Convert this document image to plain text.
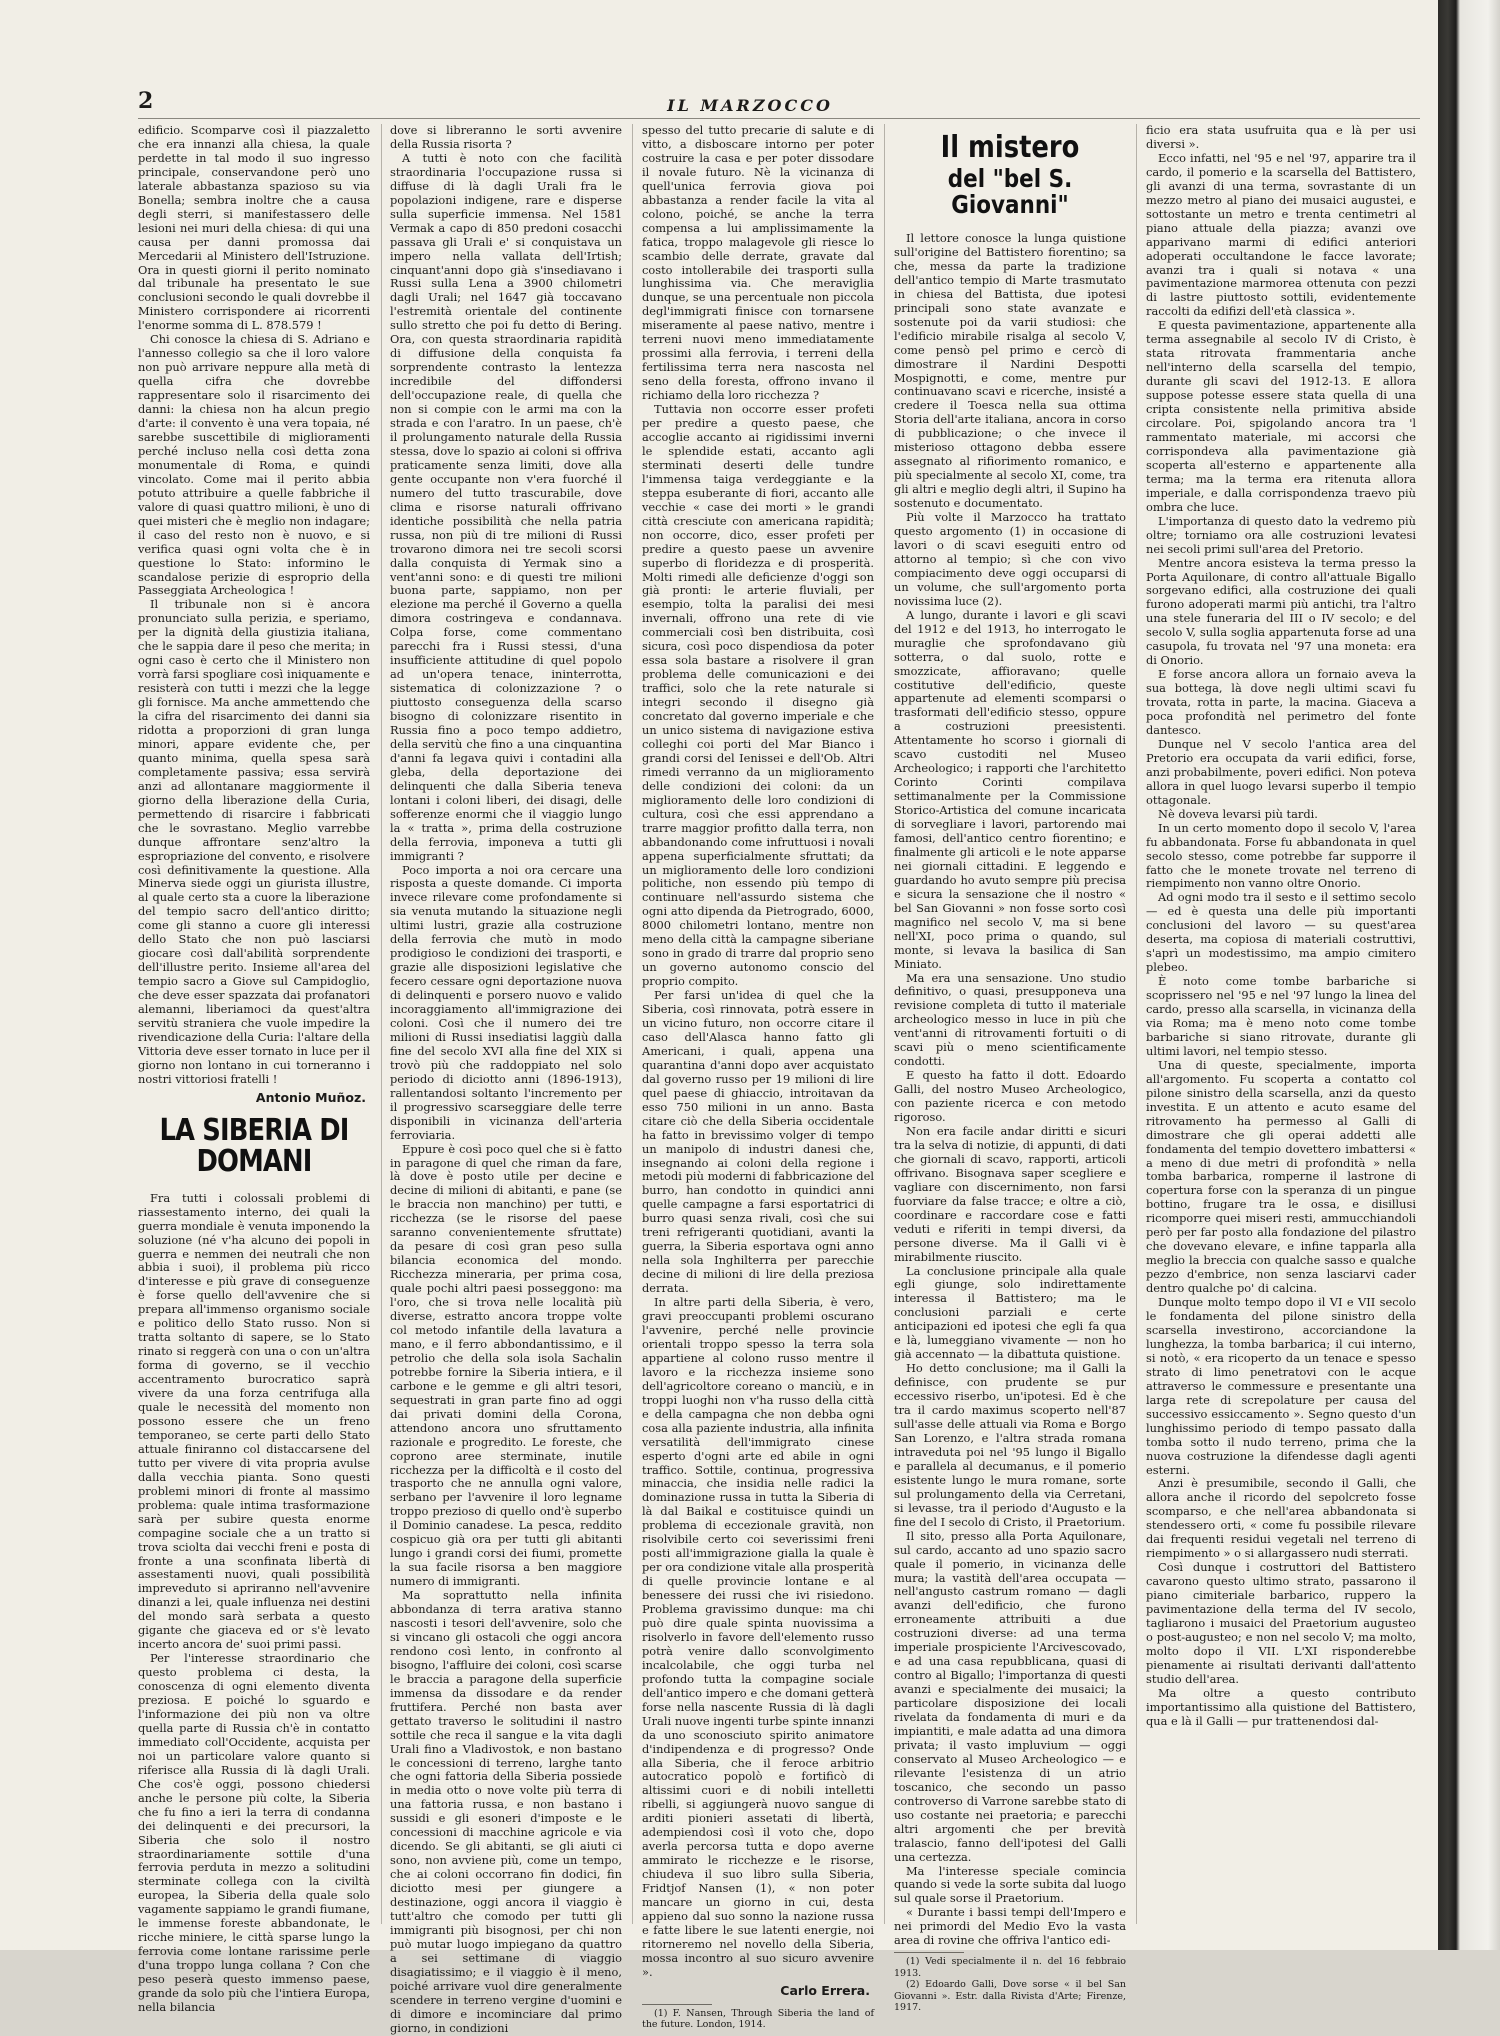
2	IL MARZOCCO

edificio. Scomparve così il piazzaletto che era innanzi alla chiesa, la quale perdette in tal modo il suo ingresso principale, conservandone però uno laterale abbastanza spazioso su via Bonella; sembra inoltre che a causa degli sterri, si manifestassero delle lesioni nei muri della chiesa: di qui una causa per danni promossa dai Mercedarii al Ministero dell'Istruzione. Ora in questi giorni il perito nominato dal tribunale ha presentato le sue conclusioni secondo le quali dovrebbe il Ministero corrispondere ai ricorrenti l'enorme somma di L. 878.579 !

Chi conosce la chiesa di S. Adriano e l'annesso collegio sa che il loro valore non può arrivare neppure alla metà di quella cifra che dovrebbe rappresentare solo il risarcimento dei danni: la chiesa non ha alcun pregio d'arte: il convento è una vera topaia, né sarebbe suscettibile di miglioramenti perché incluso nella così detta zona monumentale di Roma, e quindi vincolato. Come mai il perito abbia potuto attribuire a quelle fabbriche il valore di quasi quattro milioni, è uno di quei misteri che è meglio non indagare; il caso del resto non è nuovo, e si verifica quasi ogni volta che è in questione lo Stato: informino le scandalose perizie di esproprio della Passeggiata Archeologica !

Il tribunale non si è ancora pronunciato sulla perizia, e speriamo, per la dignità della giustizia italiana, che le sappia dare il peso che merita; in ogni caso è certo che il Ministero non vorrà farsi spogliare così iniquamente e resisterà con tutti i mezzi che la legge gli fornisce. Ma anche ammettendo che la cifra del risarcimento dei danni sia ridotta a proporzioni di gran lunga minori, appare evidente che, per quanto minima, quella spesa sarà completamente passiva; essa servirà anzi ad allontanare maggiormente il giorno della liberazione della Curia, permettendo di risarcire i fabbricati che le sovrastano. Meglio varrebbe dunque affrontare senz'altro la espropriazione del convento, e risolvere così definitivamente la questione. Alla Minerva siede oggi un giurista illustre, al quale certo sta a cuore la liberazione del tempio sacro dell'antico diritto; come gli stanno a cuore gli interessi dello Stato che non può lasciarsi giocare così dall'abilità sorprendente dell'illustre perito. Insieme all'area del tempio sacro a Giove sul Campidoglio, che deve esser spazzata dai profanatori alemanni, liberiamoci da quest'altra servitù straniera che vuole impedire la rivendicazione della Curia: l'altare della Vittoria deve esser tornato in luce per il giorno non lontano in cui torneranno i nostri vittoriosi fratelli !

Antonio Muñoz.
LA SIBERIA DI DOMANI

Fra tutti i colossali problemi di riassestamento interno, dei quali la guerra mondiale è venuta imponendo la soluzione (né v'ha alcuno dei popoli in guerra e nemmen dei neutrali che non abbia i suoi), il problema più ricco d'interesse e più grave di conseguenze è forse quello dell'avvenire che si prepara all'immenso organismo sociale e politico dello Stato russo. Non si tratta soltanto di sapere, se lo Stato rinato si reggerà con una o con un'altra forma di governo, se il vecchio accentramento burocratico saprà vivere da una forza centrifuga alla quale le necessità del momento non possono essere che un freno temporaneo, se certe parti dello Stato attuale finiranno col distaccarsene del tutto per vivere di vita propria avulse dalla vecchia pianta. Sono questi problemi minori di fronte al massimo problema: quale intima trasformazione sarà per subire questa enorme compagine sociale che a un tratto si trova sciolta dai vecchi freni e posta di fronte a una sconfinata libertà di assestamenti nuovi, quali possibilità impreveduto si apriranno nell'avvenire dinanzi a lei, quale influenza nei destini del mondo sarà serbata a questo gigante che giaceva ed or s'è levato incerto ancora de' suoi primi passi.

Per l'interesse straordinario che questo problema ci desta, la conoscenza di ogni elemento diventa preziosa. E poiché lo sguardo e l'informazione dei più non va oltre quella parte di Russia ch'è in contatto immediato coll'Occidente, acquista per noi un particolare valore quanto si riferisce alla Russia di là dagli Urali. Che cos'è oggi, possono chiedersi anche le persone più colte, la Siberia che fu fino a ieri la terra di condanna dei delinquenti e dei precursori, la Siberia che solo il nostro straordinariamente sottile d'una ferrovia perduta in mezzo a solitudini sterminate collega con la civiltà europea, la Siberia della quale solo vagamente sappiamo le grandi fiumane, le immense foreste abbandonate, le ricche miniere, le città sparse lungo la ferrovia come lontane rarissime perle d'una troppo lunga collana ? Con che peso peserà questo immenso paese, grande da solo più che l'intiera Europa, nella bilancia

dove si libreranno le sorti avvenire della Russia risorta ?

A tutti è noto con che facilità straordinaria l'occupazione russa si diffuse di là dagli Urali fra le popolazioni indigene, rare e disperse sulla superficie immensa. Nel 1581 Vermak a capo di 850 predoni cosacchi passava gli Urali e' si conquistava un impero nella vallata dell'Irtish; cinquant'anni dopo già s'insediavano i Russi sulla Lena a 3900 chilometri dagli Urali; nel 1647 già toccavano l'estremità orientale del continente sullo stretto che poi fu detto di Bering. Ora, con questa straordinaria rapidità di diffusione della conquista fa sorprendente contrasto la lentezza incredibile del diffondersi dell'occupazione reale, di quella che non si compie con le armi ma con la strada e con l'aratro. In un paese, ch'è il prolungamento naturale della Russia stessa, dove lo spazio ai coloni si offriva praticamente senza limiti, dove alla gente occupante non v'era fuorché il numero del tutto trascurabile, dove clima e risorse naturali offrivano identiche possibilità che nella patria russa, non più di tre milioni di Russi trovarono dimora nei tre secoli scorsi dalla conquista di Yermak sino a vent'anni sono: e di questi tre milioni buona parte, sappiamo, non per elezione ma perché il Governo a quella dimora costringeva e condannava. Colpa forse, come commentano parecchi fra i Russi stessi, d'una insufficiente attitudine di quel popolo ad un'opera tenace, ininterrotta, sistematica di colonizzazione ? o piuttosto conseguenza della scarso bisogno di colonizzare risentito in Russia fino a poco tempo addietro, della servitù che fino a una cinquantina d'anni fa legava quivi i contadini alla gleba, della deportazione dei delinquenti che dalla Siberia teneva lontani i coloni liberi, dei disagi, delle sofferenze enormi che il viaggio lungo la « tratta », prima della costruzione della ferrovia, imponeva a tutti gli immigranti ?

Poco importa a noi ora cercare una risposta a queste domande. Ci importa invece rilevare come profondamente si sia venuta mutando la situazione negli ultimi lustri, grazie alla costruzione della ferrovia che mutò in modo prodigioso le condizioni dei trasporti, e grazie alle disposizioni legislative che fecero cessare ogni deportazione nuova di delinquenti e porsero nuovo e valido incoraggiamento all'immigrazione dei coloni. Così che il numero dei tre milioni di Russi insediatisi laggiù dalla fine del secolo XVI alla fine del XIX si trovò più che raddoppiato nel solo periodo di diciotto anni (1896-1913), rallentandosi soltanto l'incremento per il progressivo scarseggiare delle terre disponibili in vicinanza dell'arteria ferroviaria.

Eppure è così poco quel che si è fatto in paragone di quel che riman da fare, là dove è posto utile per decine e decine di milioni di abitanti, e pane (se le braccia non manchino) per tutti, e ricchezza (se le risorse del paese saranno convenientemente sfruttate) da pesare di così gran peso sulla bilancia economica del mondo. Ricchezza mineraria, per prima cosa, quale pochi altri paesi posseggono: ma l'oro, che si trova nelle località più diverse, estratto ancora troppe volte col metodo infantile della lavatura a mano, e il ferro abbondantissimo, e il petrolio che della sola isola Sachalin potrebbe fornire la Siberia intiera, e il carbone e le gemme e gli altri tesori, sequestrati in gran parte fino ad oggi dai privati domini della Corona, attendono ancora uno sfruttamento razionale e progredito. Le foreste, che coprono aree sterminate, inutile ricchezza per la difficoltà e il costo del trasporto che ne annulla ogni valore, serbano per l'avvenire il loro legname troppo prezioso di quello ond'è superbo il Dominio canadese. La pesca, reddito cospicuo già ora per tutti gli abitanti lungo i grandi corsi dei fiumi, promette la sua facile risorsa a ben maggiore numero di immigranti.

Ma soprattutto nella infinita abbondanza di terra arativa stanno nascosti i tesori dell'avvenire, solo che si vincano gli ostacoli che oggi ancora rendono così lento, in confronto al bisogno, l'affluire dei coloni, così scarse le braccia a paragone della superficie immensa da dissodare e da render fruttifera. Perché non basta aver gettato traverso le solitudini il nastro sottile che reca il sangue e la vita dagli Urali fino a Vladivostok, e non bastano le concessioni di terreno, larghe tanto che ogni fattoria della Siberia possiede in media otto o nove volte più terra di una fattoria russa, e non bastano i sussidi e gli esoneri d'imposte e le concessioni di macchine agricole e via dicendo. Se gli abitanti, se gli aiuti ci sono, non avviene più, come un tempo, che ai coloni occorrano fin dodici, fin diciotto mesi per giungere a destinazione, oggi ancora il viaggio è tutt'altro che comodo per tutti gli immigranti più bisognosi, per chi non può mutar luogo impiegano da quattro a sei settimane di viaggio disagiatissimo; e il viaggio è il meno, poiché arrivare vuol dire generalmente scendere in terreno vergine d'uomini e di dimore e incominciare dal primo giorno, in condizioni

spesso del tutto precarie di salute e di vitto, a disboscare intorno per poter costruire la casa e per poter dissodare il novale futuro. Nè la vicinanza di quell'unica ferrovia giova poi abbastanza a render facile la vita al colono, poiché, se anche la terra compensa a lui amplissimamente la fatica, troppo malagevole gli riesce lo scambio delle derrate, gravate dal costo intollerabile dei trasporti sulla lunghissima via. Che meraviglia dunque, se una percentuale non piccola degl'immigrati finisce con tornarsene miseramente al paese nativo, mentre i terreni nuovi meno immediatamente prossimi alla ferrovia, i terreni della fertilissima terra nera nascosta nel seno della foresta, offrono invano il richiamo della loro ricchezza ?

Tuttavia non occorre esser profeti per predire a questo paese, che accoglie accanto ai rigidissimi inverni le splendide estati, accanto agli sterminati deserti delle tundre l'immensa taiga verdeggiante e la steppa esuberante di fiori, accanto alle vecchie « case dei morti » le grandi città cresciute con americana rapidità; non occorre, dico, esser profeti per predire a questo paese un avvenire superbo di floridezza e di prosperità. Molti rimedi alle deficienze d'oggi son già pronti: le arterie fluviali, per esempio, tolta la paralisi dei mesi invernali, offrono una rete di vie commerciali così ben distribuita, così sicura, così poco dispendiosa da poter essa sola bastare a risolvere il gran problema delle comunicazioni e dei traffici, solo che la rete naturale si integri secondo il disegno già concretato dal governo imperiale e che un unico sistema di navigazione estiva colleghi coi porti del Mar Bianco i grandi corsi del Ienissei e dell'Ob. Altri rimedi verranno da un miglioramento delle condizioni dei coloni: da un miglioramento delle loro condizioni di cultura, così che essi apprendano a trarre maggior profitto dalla terra, non abbandonando come infruttuosi i novali appena superficialmente sfruttati; da un miglioramento delle loro condizioni politiche, non essendo più tempo di continuare nell'assurdo sistema che ogni atto dipenda da Pietrogrado, 6000, 8000 chilometri lontano, mentre non meno della città la campagne siberiane sono in grado di trarre dal proprio seno un governo autonomo conscio del proprio compito.

Per farsi un'idea di quel che la Siberia, così rinnovata, potrà essere in un vicino futuro, non occorre citare il caso dell'Alasca hanno fatto gli Americani, i quali, appena una quarantina d'anni dopo aver acquistato dal governo russo per 19 milioni di lire quel paese di ghiaccio, introitavan da esso 750 milioni in un anno. Basta citare ciò che della Siberia occidentale ha fatto in brevissimo volger di tempo un manipolo di industri danesi che, insegnando ai coloni della regione i metodi più moderni di fabbricazione del burro, han condotto in quindici anni quelle campagne a farsi esportatrici di burro quasi senza rivali, così che sui treni refrigeranti quotidiani, avanti la guerra, la Siberia esportava ogni anno nella sola Inghilterra per parecchie decine di milioni di lire della preziosa derrata.

In altre parti della Siberia, è vero, gravi preoccupanti problemi oscurano l'avvenire, perché nelle provincie orientali troppo spesso la terra sola appartiene al colono russo mentre il lavoro e la ricchezza insieme sono dell'agricoltore coreano o manciù, e in troppi luoghi non v'ha russo della città e della campagna che non debba ogni cosa alla paziente industria, alla infinita versatilità dell'immigrato cinese esperto d'ogni arte ed abile in ogni traffico. Sottile, continua, progressiva minaccia, che insidia nelle radici la dominazione russa in tutta la Siberia di là dal Baikal e costituisce quindi un problema di eccezionale gravità, non risolvibile certo coi severissimi freni posti all'immigrazione gialla la quale è per ora condizione vitale alla prosperità di quelle provincie lontane e al benessere dei russi che ivi risiedono. Problema gravissimo dunque: ma chi può dire quale spinta nuovissima a risolverlo in favore dell'elemento russo potrà venire dallo sconvolgimento incalcolabile, che oggi turba nel profondo tutta la compagine sociale dell'antico impero e che domani getterà forse nella nascente Russia di là dagli Urali nuove ingenti turbe spinte innanzi da uno sconosciuto spirito animatore d'indipendenza e di progresso? Onde alla Siberia, che il feroce arbitrio autocratico popolò e fortificò di altissimi cuori e di nobili intelletti ribelli, si aggiungerà nuovo sangue di arditi pionieri assetati di libertà, adempiendosi così il voto che, dopo averla percorsa tutta e dopo averne ammirato le ricchezze e le risorse, chiudeva il suo libro sulla Siberia, Fridtjof Nansen (1), « non poter mancare un giorno in cui, desta appieno dal suo sonno la nazione russa e fatte libere le sue latenti energie, noi ritorneremo nel novello della Siberia, mossa incontro al suo sicuro avvenire ».

Carlo Errera.

(1) F. Nansen, Through Siberia the land of the future. London, 1914.

Il mistero
del "bel S. Giovanni"

Il lettore conosce la lunga quistione sull'origine del Battistero fiorentino; sa che, messa da parte la tradizione dell'antico tempio di Marte trasmutato in chiesa del Battista, due ipotesi principali sono state avanzate e sostenute poi da varii studiosi: che l'edificio mirabile risalga al secolo V, come pensò pel primo e cercò di dimostrare il Nardini Despotti Mospignotti, e come, mentre pur continuavano scavi e ricerche, insisté a credere il Toesca nella sua ottima Storia dell'arte italiana, ancora in corso di pubblicazione; o che invece il misterioso ottagono debba essere assegnato al rifiorimento romanico, e più specialmente al secolo XI, come, tra gli altri e meglio degli altri, il Supino ha sostenuto e documentato.

Più volte il Marzocco ha trattato questo argomento (1) in occasione di lavori o di scavi eseguiti entro od attorno al tempio; sì che con vivo compiacimento deve oggi occuparsi di un volume, che sull'argomento porta novissima luce (2).

A lungo, durante i lavori e gli scavi del 1912 e del 1913, ho interrogato le muraglie che sprofondavano giù sotterra, o dal suolo, rotte e smozzicate, affioravano; quelle costitutive dell'edificio, queste appartenute ad elementi scomparsi o trasformati dell'edificio stesso, oppure a costruzioni preesistenti. Attentamente ho scorso i giornali di scavo custoditi nel Museo Archeologico; i rapporti che l'architetto Corinto Corinti compilava settimanalmente per la Commissione Storico-Artistica del comune incaricata di sorvegliare i lavori, partorendo mai famosi, dell'antico centro fiorentino; e finalmente gli articoli e le note apparse nei giornali cittadini. E leggendo e guardando ho avuto sempre più precisa e sicura la sensazione che il nostro « bel San Giovanni » non fosse sorto così magnifico nel secolo V, ma si bene nell'XI, poco prima o quando, sul monte, si levava la basilica di San Miniato.

Ma era una sensazione. Uno studio definitivo, o quasi, presupponeva una revisione completa di tutto il materiale archeologico messo in luce in più che vent'anni di ritrovamenti fortuiti o di scavi più o meno scientificamente condotti.

E questo ha fatto il dott. Edoardo Galli, del nostro Museo Archeologico, con paziente ricerca e con metodo rigoroso.

Non era facile andar diritti e sicuri tra la selva di notizie, di appunti, di dati che giornali di scavo, rapporti, articoli offrivano. Bisognava saper scegliere e vagliare con discernimento, non farsi fuorviare da false tracce; e oltre a ciò, coordinare e raccordare cose e fatti veduti e riferiti in tempi diversi, da persone diverse. Ma il Galli vi è mirabilmente riuscito.

La conclusione principale alla quale egli giunge, solo indirettamente interessa il Battistero; ma le conclusioni parziali e certe anticipazioni ed ipotesi che egli fa qua e là, lumeggiano vivamente — non ho già accennato — la dibattuta quistione.

Ho detto conclusione; ma il Galli la definisce, con prudente se pur eccessivo riserbo, un'ipotesi. Ed è che tra il cardo maximus scoperto nell'87 sull'asse delle attuali via Roma e Borgo San Lorenzo, e l'altra strada romana intraveduta poi nel '95 lungo il Bigallo e parallela al decumanus, e il pomerio esistente lungo le mura romane, sorte sul prolungamento della via Cerretani, si levasse, tra il periodo d'Augusto e la fine del I secolo di Cristo, il Praetorium.

Il sito, presso alla Porta Aquilonare, sul cardo, accanto ad uno spazio sacro quale il pomerio, in vicinanza delle mura; la vastità dell'area occupata — nell'angusto castrum romano — dagli avanzi dell'edificio, che furono erroneamente attribuiti a due costruzioni diverse: ad una terma imperiale prospiciente l'Arcivescovado, e ad una casa repubblicana, quasi di contro al Bigallo; l'importanza di questi avanzi e specialmente dei musaici; la particolare disposizione dei locali rivelata da fondamenta di muri e da impiantiti, e male adatta ad una dimora privata; il vasto impluvium — oggi conservato al Museo Archeologico — e rilevante l'esistenza di un atrio toscanico, che secondo un passo controverso di Varrone sarebbe stato di uso costante nei praetoria; e parecchi altri argomenti che per brevità tralascio, fanno dell'ipotesi del Galli una certezza.

Ma l'interesse speciale comincia quando si vede la sorte subita dal luogo sul quale sorse il Praetorium.

« Durante i bassi tempi dell'Impero e nei primordi del Medio Evo la vasta area di rovine che offriva l'antico edi-

(1) Vedi specialmente il n. del 16 febbraio 1913.

(2) Edoardo Galli, Dove sorse « il bel San Giovanni ». Estr. dalla Rivista d'Arte; Firenze, 1917.

ficio era stata usufruita qua e là per usi diversi ».

Ecco infatti, nel '95 e nel '97, apparire tra il cardo, il pomerio e la scarsella del Battistero, gli avanzi di una terma, sovrastante di un mezzo metro al piano dei musaici augustei, e sottostante un metro e trenta centimetri al piano attuale della piazza; avanzi ove apparivano marmi di edifici anteriori adoperati occultandone le facce lavorate; avanzi tra i quali si notava « una pavimentazione marmorea ottenuta con pezzi di lastre piuttosto sottili, evidentemente raccolti da edifizi dell'età classica ».

E questa pavimentazione, appartenente alla terma assegnabile al secolo IV di Cristo, è stata ritrovata frammentaria anche nell'interno della scarsella del tempio, durante gli scavi del 1912-13. E allora suppose potesse essere stata quella di una cripta consistente nella primitiva abside circolare. Poi, spigolando ancora tra 'l rammentato materiale, mi accorsi che corrispondeva alla pavimentazione già scoperta all'esterno e appartenente alla terma; ma la terma era ritenuta allora imperiale, e dalla corrispondenza traevo più ombra che luce.

L'importanza di questo dato la vedremo più oltre; torniamo ora alle costruzioni levatesi nei secoli primi sull'area del Pretorio.

Mentre ancora esisteva la terma presso la Porta Aquilonare, di contro all'attuale Bigallo sorgevano edifici, alla costruzione dei quali furono adoperati marmi più antichi, tra l'altro una stele funeraria del III o IV secolo; e del secolo V, sulla soglia appartenuta forse ad una casupola, fu trovata nel '97 una moneta: era di Onorio.

E forse ancora allora un fornaio aveva la sua bottega, là dove negli ultimi scavi fu trovata, rotta in parte, la macina. Giaceva a poca profondità nel perimetro del fonte dantesco.

Dunque nel V secolo l'antica area del Pretorio era occupata da varii edifici, forse, anzi probabilmente, poveri edifici. Non poteva allora in quel luogo levarsi superbo il tempio ottagonale.

Nè doveva levarsi più tardi.

In un certo momento dopo il secolo V, l'area fu abbandonata. Forse fu abbandonata in quel secolo stesso, come potrebbe far supporre il fatto che le monete trovate nel terreno di riempimento non vanno oltre Onorio.

Ad ogni modo tra il sesto e il settimo secolo — ed è questa una delle più importanti conclusioni del lavoro — su quest'area deserta, ma copiosa di materiali costruttivi, s'aprì un modestissimo, ma ampio cimitero plebeo.

È noto come tombe barbariche si scoprissero nel '95 e nel '97 lungo la linea del cardo, presso alla scarsella, in vicinanza della via Roma; ma è meno noto come tombe barbariche si siano ritrovate, durante gli ultimi lavori, nel tempio stesso.

Una di queste, specialmente, importa all'argomento. Fu scoperta a contatto col pilone sinistro della scarsella, anzi da questo investita. E un attento e acuto esame del ritrovamento ha permesso al Galli di dimostrare che gli operai addetti alle fondamenta del tempio dovettero imbattersi « a meno di due metri di profondità » nella tomba barbarica, romperne il lastrone di copertura forse con la speranza di un pingue bottino, frugare tra le ossa, e disillusi ricomporre quei miseri resti, ammucchiandoli però per far posto alla fondazione del pilastro che dovevano elevare, e infine tapparla alla meglio la breccia con qualche sasso e qualche pezzo d'embrice, non senza lasciarvi cader dentro qualche po' di calcina.

Dunque molto tempo dopo il VI e VII secolo le fondamenta del pilone sinistro della scarsella investirono, accorciandone la lunghezza, la tomba barbarica; il cui interno, si notò, « era ricoperto da un tenace e spesso strato di limo penetratovi con le acque attraverso le commessure e presentante una larga rete di screpolature per causa del successivo essiccamento ». Segno questo d'un lunghissimo periodo di tempo passato dalla tomba sotto il nudo terreno, prima che la nuova costruzione la difendesse dagli agenti esterni.

Anzi è presumibile, secondo il Galli, che allora anche il ricordo del sepolcreto fosse scomparso, e che nell'area abbandonata si stendessero orti, « come fu possibile rilevare dai frequenti residui vegetali nel terreno di riempimento » o si allargassero nudi sterrati.

Così dunque i costruttori del Battistero cavarono questo ultimo strato, passarono il piano cimiteriale barbarico, ruppero la pavimentazione della terma del IV secolo, tagliarono i musaici del Praetorium augusteo o post-augusteo; e non nel secolo V; ma molto, molto dopo il VII. L'XI risponderebbe pienamente ai risultati derivanti dall'attento studio dell'area.

Ma oltre a questo contributo importantissimo alla quistione del Battistero, qua e là il Galli — pur trattenendosi dal-
